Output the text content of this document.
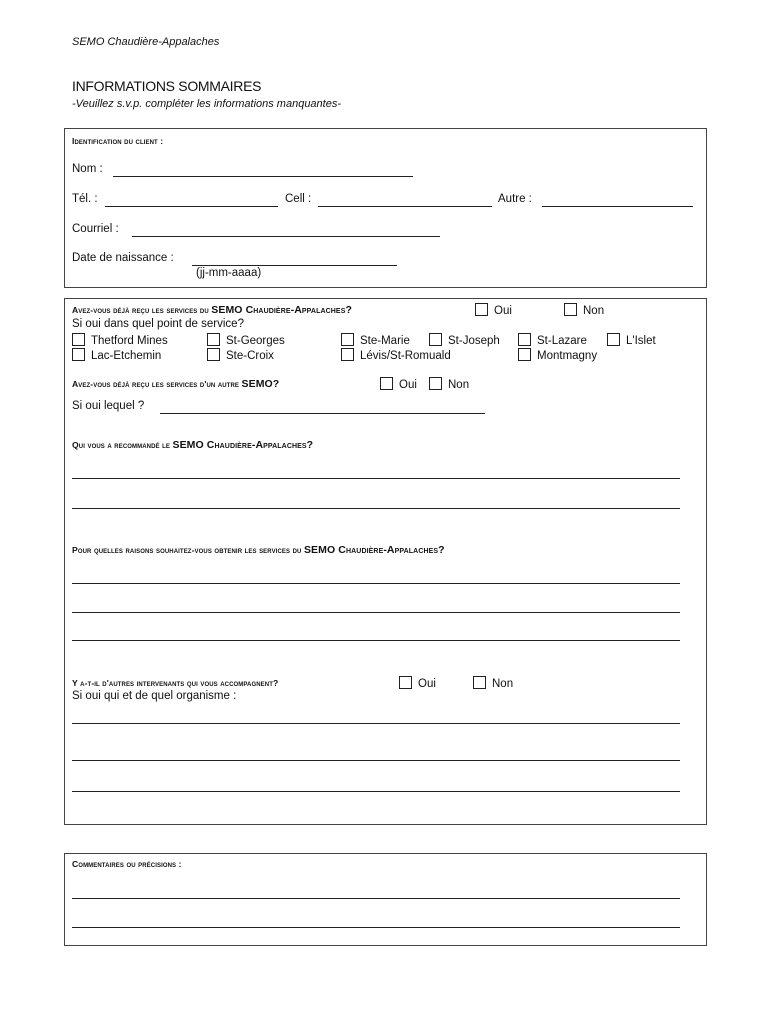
SEMO Chaudière-Appalaches
INFORMATIONS SOMMAIRES
-Veuillez s.v.p. compléter les informations manquantes-
Identification du client :
Nom :
Tél. :	Cell :	Autre :
Courriel :
Date de naissance :
(jj-mm-aaaa)
Avez-vous déjà reçu les services du SEMO Chaudière-Appalaches?	Oui	Non
Si oui dans quel point de service?
Thetford Mines	St-Georges	Ste-Marie	St-Joseph	St-Lazare	L'Islet
Lac-Etchemin	Ste-Croix	Lévis/St-Romuald	Montmagny
Avez-vous déjà reçu les services d'un autre SEMO?	Oui	Non
Si oui lequel ?
Qui vous a recommandé le SEMO Chaudière-Appalaches?
Pour quelles raisons souhaitez-vous obtenir les services du SEMO Chaudière-Appalaches?
Y a-t-il d'autres intervenants qui vous accompagnent?	Oui	Non
Si oui qui et de quel organisme :
Commentaires ou précisions :
